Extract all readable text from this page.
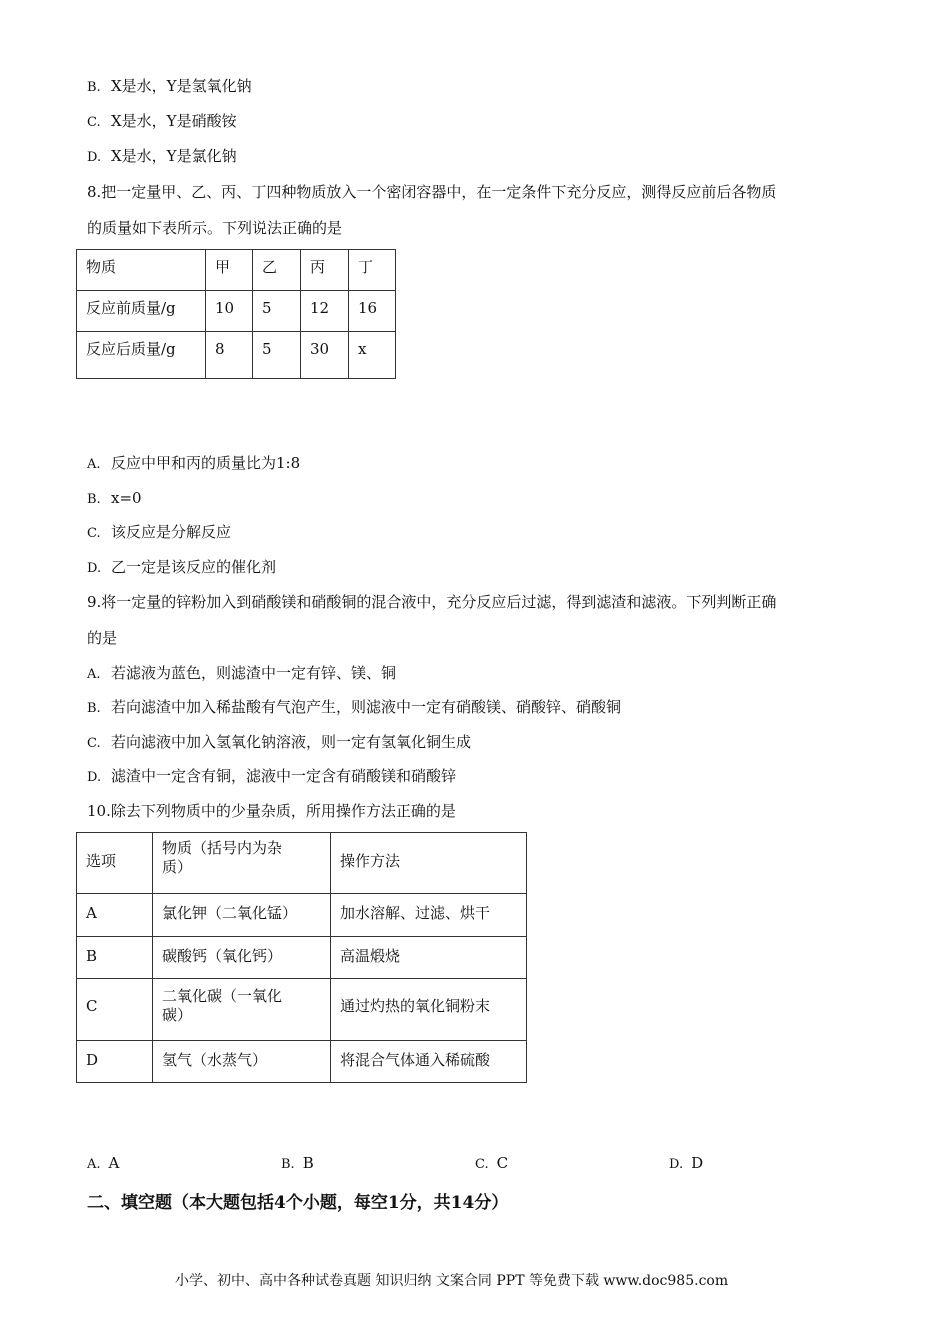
B. X是水，Y是氢氧化钠
C. X是水，Y是硝酸铵
D. X是水，Y是氯化钠
8.把一定量甲、乙、丙、丁四种物质放入一个密闭容器中，在一定条件下充分反应，测得反应前后各物质
的质量如下表所示。下列说法正确的是
物质	甲	乙	丙	丁
反应前质量/g	10	5	12	16
反应后质量/g	8	5	30	x
A. 反应中甲和丙的质量比为1:8
B. x=0
C. 该反应是分解反应
D. 乙一定是该反应的催化剂
9.将一定量的锌粉加入到硝酸镁和硝酸铜的混合液中，充分反应后过滤，得到滤渣和滤液。下列判断正确
的是
A. 若滤液为蓝色，则滤渣中一定有锌、镁、铜
B. 若向滤渣中加入稀盐酸有气泡产生，则滤液中一定有硝酸镁、硝酸锌、硝酸铜
C. 若向滤液中加入氢氧化钠溶液，则一定有氢氧化铜生成
D. 滤渣中一定含有铜，滤液中一定含有硝酸镁和硝酸锌
10.除去下列物质中的少量杂质，所用操作方法正确的是
选项	物质（括号内为杂
质）	操作方法
A	氯化钾（二氧化锰）	加水溶解、过滤、烘干
B	碳酸钙（氧化钙）	高温煅烧
C	二氧化碳（一氧化
碳）	通过灼热的氧化铜粉末
D	氢气（水蒸气）	将混合气体通入稀硫酸
A. A	B. B	C. C	D. D
二、填空题（本大题包括4个小题，每空1分，共14分）
小学、初中、高中各种试卷真题 知识归纳 文案合同 PPT 等免费下载 www.doc985.com
